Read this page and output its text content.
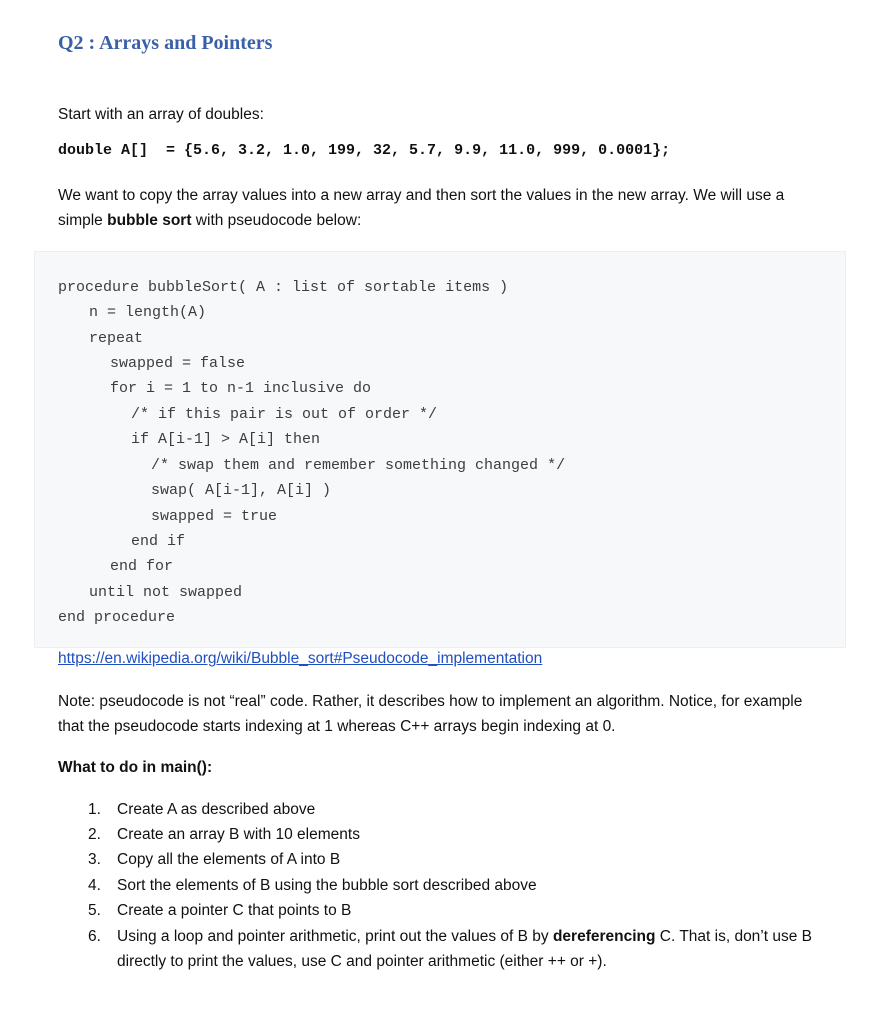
Q2 : Arrays and Pointers
Start with an array of doubles:
double A[]  = {5.6, 3.2, 1.0, 199, 32, 5.7, 9.9, 11.0, 999, 0.0001};
We want to copy the array values into a new array and then sort the values in the new array. We will use a simple bubble sort with pseudocode below:
procedure bubbleSort( A : list of sortable items )
n = length(A)
repeat
swapped = false
for i = 1 to n-1 inclusive do
/* if this pair is out of order */
if A[i-1] > A[i] then
/* swap them and remember something changed */
swap( A[i-1], A[i] )
swapped = true
end if
end for
until not swapped
end procedure
https://en.wikipedia.org/wiki/Bubble_sort#Pseudocode_implementation
Note: pseudocode is not “real” code. Rather, it describes how to implement an algorithm. Notice, for example that the pseudocode starts indexing at 1 whereas C++ arrays begin indexing at 0.
What to do in main():
1.	Create A as described above
2.	Create an array B with 10 elements
3.	Copy all the elements of A into B
4.	Sort the elements of B using the bubble sort described above
5.	Create a pointer C that points to B
6.	Using a loop and pointer arithmetic, print out the values of B by dereferencing C. That is, don’t use B directly to print the values, use C and pointer arithmetic (either ++ or +).
